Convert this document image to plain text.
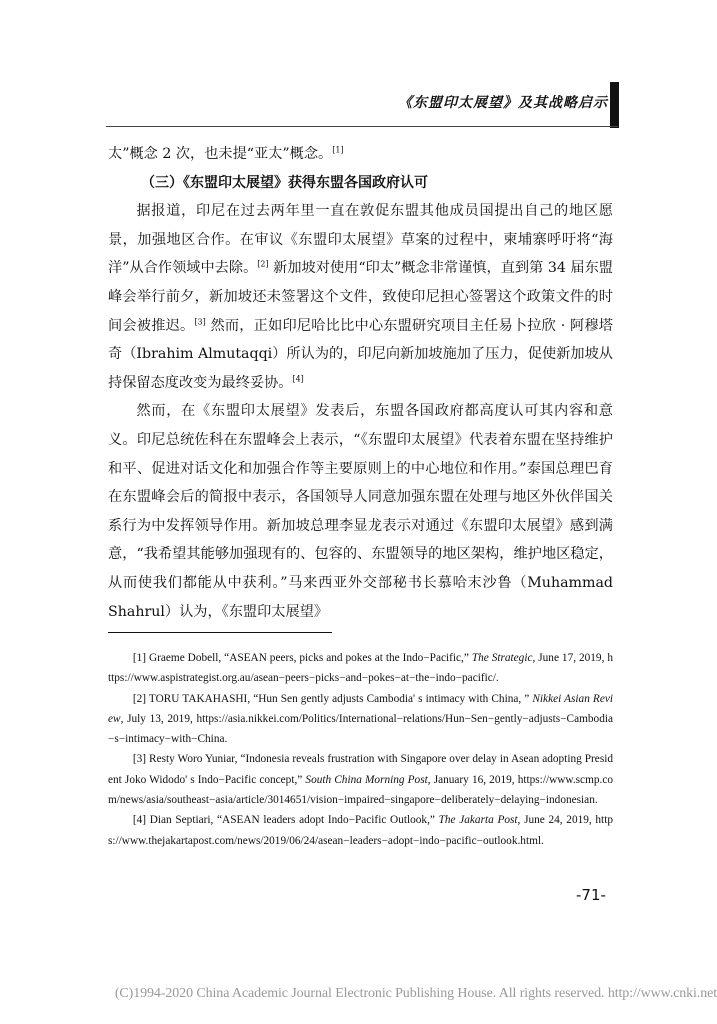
《东盟印太展望》及其战略启示

太”概念 2 次，也未提“亚太”概念。[1]

（三）《东盟印太展望》获得东盟各国政府认可

据报道，印尼在过去两年里一直在敦促东盟其他成员国提出自己的地区愿景，加强地区合作。在审议《东盟印太展望》草案的过程中，柬埔寨呼吁将“海洋”从合作领域中去除。[2] 新加坡对使用“印太”概念非常谨慎，直到第 34 届东盟峰会举行前夕，新加坡还未签署这个文件，致使印尼担心签署这个政策文件的时间会被推迟。[3] 然而，正如印尼哈比比中心东盟研究项目主任易卜拉欣 · 阿穆塔奇（Ibrahim Almutaqqi）所认为的，印尼向新加坡施加了压力，促使新加坡从持保留态度改变为最终妥协。[4]

然而，在《东盟印太展望》发表后，东盟各国政府都高度认可其内容和意义。印尼总统佐科在东盟峰会上表示，“《东盟印太展望》代表着东盟在坚持维护和平、促进对话文化和加强合作等主要原则上的中心地位和作用。”泰国总理巴育在东盟峰会后的简报中表示，各国领导人同意加强东盟在处理与地区外伙伴国关系行为中发挥领导作用。新加坡总理李显龙表示对通过《东盟印太展望》感到满意，“我希望其能够加强现有的、包容的、东盟领导的地区架构，维护地区稳定，从而使我们都能从中获利。”马来西亚外交部秘书长慕哈末沙鲁（Muhammad Shahrul）认为，《东盟印太展望》

[1] Graeme Dobell, “ASEAN peers, picks and pokes at the Indo−Pacific,” The Strategic, June 17, 2019, https://www.aspistrategist.org.au/asean−peers−picks−and−pokes−at−the−indo−pacific/.

[2] TORU TAKAHASHI, “Hun Sen gently adjusts Cambodia' s intimacy with China, ” Nikkei Asian Review, July 13, 2019, https://asia.nikkei.com/Politics/International−relations/Hun−Sen−gently−adjusts−Cambodia−s−intimacy−with−China.

[3] Resty Woro Yuniar, “Indonesia reveals frustration with Singapore over delay in Asean adopting President Joko Widodo' s Indo−Pacific concept,” South China Morning Post, January 16, 2019, https://www.scmp.com/news/asia/southeast−asia/article/3014651/vision−impaired−singapore−deliberately−delaying−indonesian.

[4] Dian Septiari, “ASEAN leaders adopt Indo−Pacific Outlook,” The Jakarta Post, June 24, 2019, https://www.thejakartapost.com/news/2019/06/24/asean−leaders−adopt−indo−pacific−outlook.html.

-71-
(C)1994-2020 China Academic Journal Electronic Publishing House. All rights reserved. http://www.cnki.net
